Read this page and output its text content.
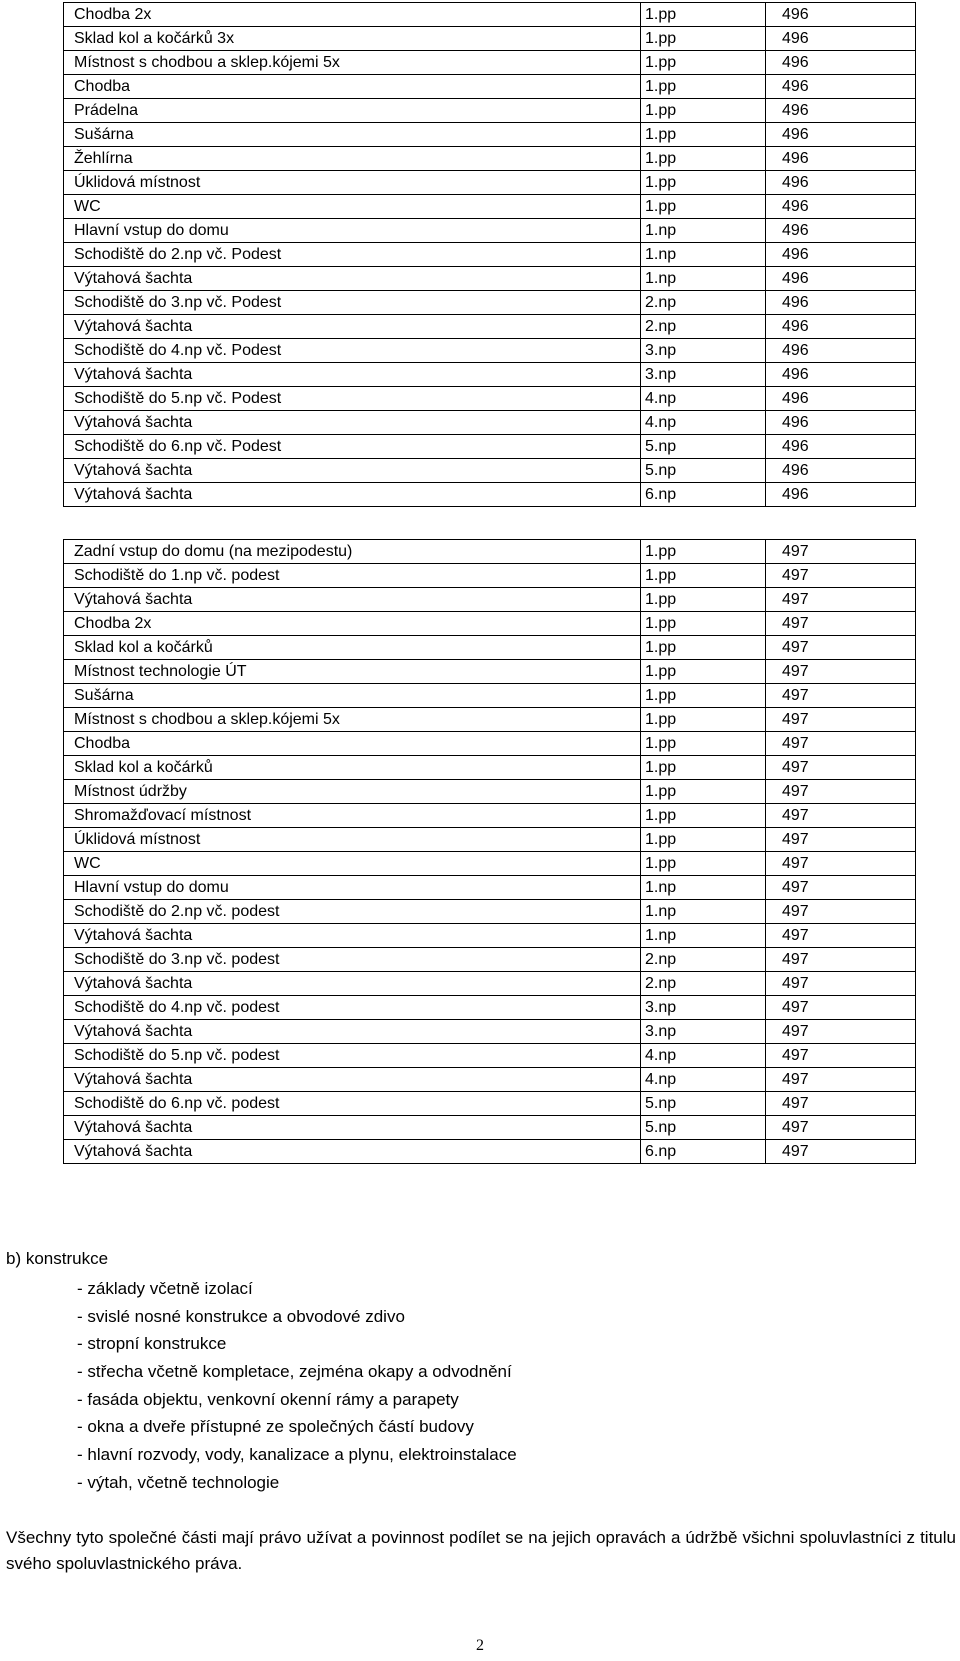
Chodba 2x	1.pp	496
Sklad kol a kočárků 3x	1.pp	496
Místnost s chodbou a sklep.kójemi 5x	1.pp	496
Chodba	1.pp	496
Prádelna	1.pp	496
Sušárna	1.pp	496
Žehlírna	1.pp	496
Úklidová místnost	1.pp	496
WC	1.pp	496
Hlavní vstup do domu	1.np	496
Schodiště do 2.np vč. Podest	1.np	496
Výtahová šachta	1.np	496
Schodiště do 3.np vč. Podest	2.np	496
Výtahová šachta	2.np	496
Schodiště do 4.np vč. Podest	3.np	496
Výtahová šachta	3.np	496
Schodiště do 5.np vč. Podest	4.np	496
Výtahová šachta	4.np	496
Schodiště do 6.np vč. Podest	5.np	496
Výtahová šachta	5.np	496
Výtahová šachta	6.np	496
Zadní vstup do domu (na mezipodestu)	1.pp	497
Schodiště do 1.np vč. podest	1.pp	497
Výtahová šachta	1.pp	497
Chodba 2x	1.pp	497
Sklad kol a kočárků	1.pp	497
Místnost technologie ÚT	1.pp	497
Sušárna	1.pp	497
Místnost s chodbou a sklep.kójemi 5x	1.pp	497
Chodba	1.pp	497
Sklad kol a kočárků	1.pp	497
Místnost údržby	1.pp	497
Shromažďovací místnost	1.pp	497
Úklidová místnost	1.pp	497
WC	1.pp	497
Hlavní vstup do domu	1.np	497
Schodiště do 2.np vč. podest	1.np	497
Výtahová šachta	1.np	497
Schodiště do 3.np vč. podest	2.np	497
Výtahová šachta	2.np	497
Schodiště do 4.np vč. podest	3.np	497
Výtahová šachta	3.np	497
Schodiště do 5.np vč. podest	4.np	497
Výtahová šachta	4.np	497
Schodiště do 6.np vč. podest	5.np	497
Výtahová šachta	5.np	497
Výtahová šachta	6.np	497
b) konstrukce
- základy včetně izolací
- svislé nosné konstrukce a obvodové zdivo
- stropní konstrukce
- střecha včetně kompletace, zejména okapy a odvodnění
- fasáda objektu, venkovní okenní rámy a parapety
- okna a dveře přístupné ze společných částí budovy
- hlavní rozvody, vody, kanalizace a plynu, elektroinstalace
- výtah, včetně technologie

Všechny tyto společné části mají právo užívat a povinnost podílet se na jejich opravách a údržbě všichni spoluvlastníci z titulu svého spoluvlastnického práva.

2
